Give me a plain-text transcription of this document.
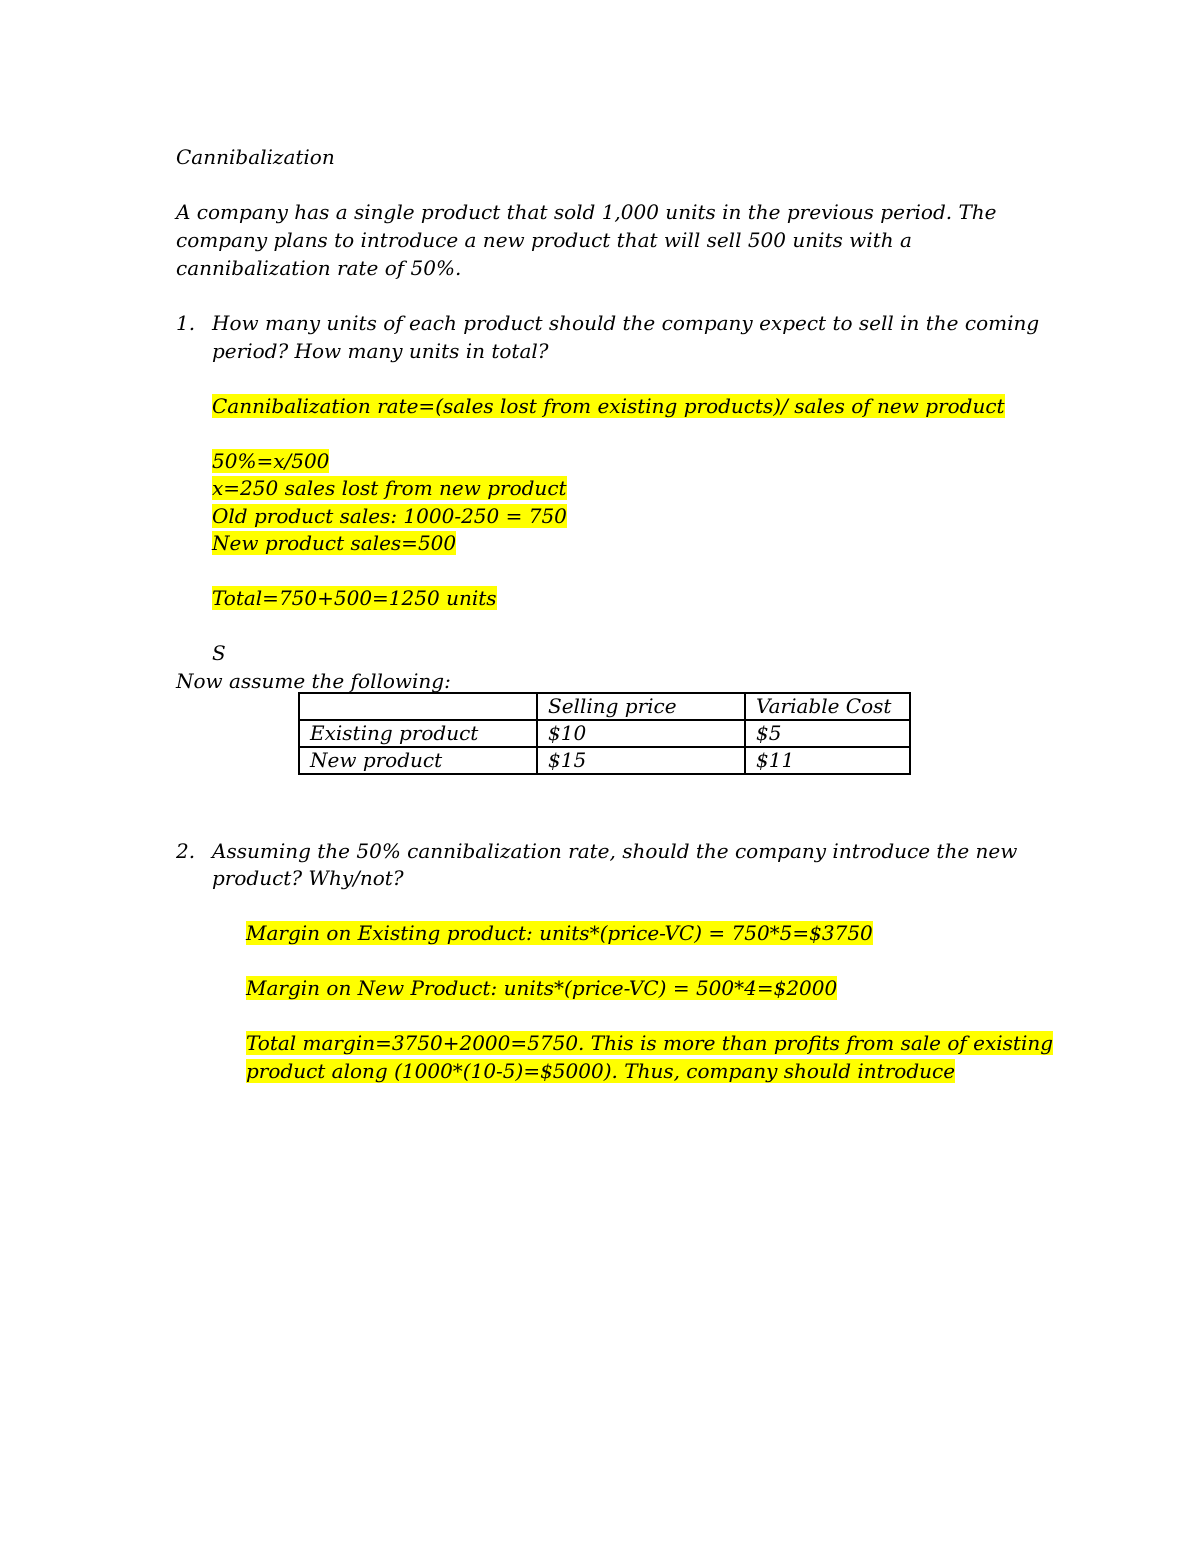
Cannibalization
A company has a single product that sold 1,000 units in the previous period. The
company plans to introduce a new product that will sell 500 units with a
cannibalization rate of 50%.
1. How many units of each product should the company expect to sell in the coming
period? How many units in total?
Cannibalization rate=(sales lost from existing products)/ sales of new product
50%=x/500
x=250 sales lost from new product
Old product sales: 1000-250 = 750
New product sales=500
Total=750+500=1250 units
S
Now assume the following:
	Selling price	Variable Cost
Existing product	$10	$5
New product	$15	$11
2. Assuming the 50% cannibalization rate, should the company introduce the new
product? Why/not?
Margin on Existing product: units*(price-VC) = 750*5=$3750
Margin on New Product: units*(price-VC) = 500*4=$2000
Total margin=3750+2000=5750. This is more than profits from sale of existing
product along (1000*(10-5)=$5000). Thus, company should introduce
